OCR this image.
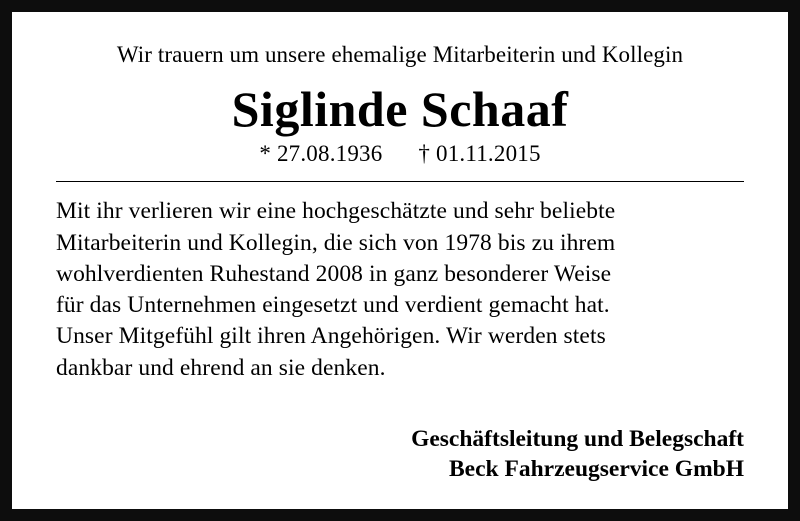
Wir trauern um unsere ehemalige Mitarbeiterin und Kollegin

Siglinde Schaaf

* 27.08.1936 † 01.11.2015

Mit ihr verlieren wir eine hochgeschätzte und sehr beliebte
Mitarbeiterin und Kollegin, die sich von 1978 bis zu ihrem
wohlverdienten Ruhestand 2008 in ganz besonderer Weise
für das Unternehmen eingesetzt und verdient gemacht hat.
Unser Mitgefühl gilt ihren Angehörigen. Wir werden stets
dankbar und ehrend an sie denken.
Geschäftsleitung und Belegschaft
Beck Fahrzeugservice GmbH
